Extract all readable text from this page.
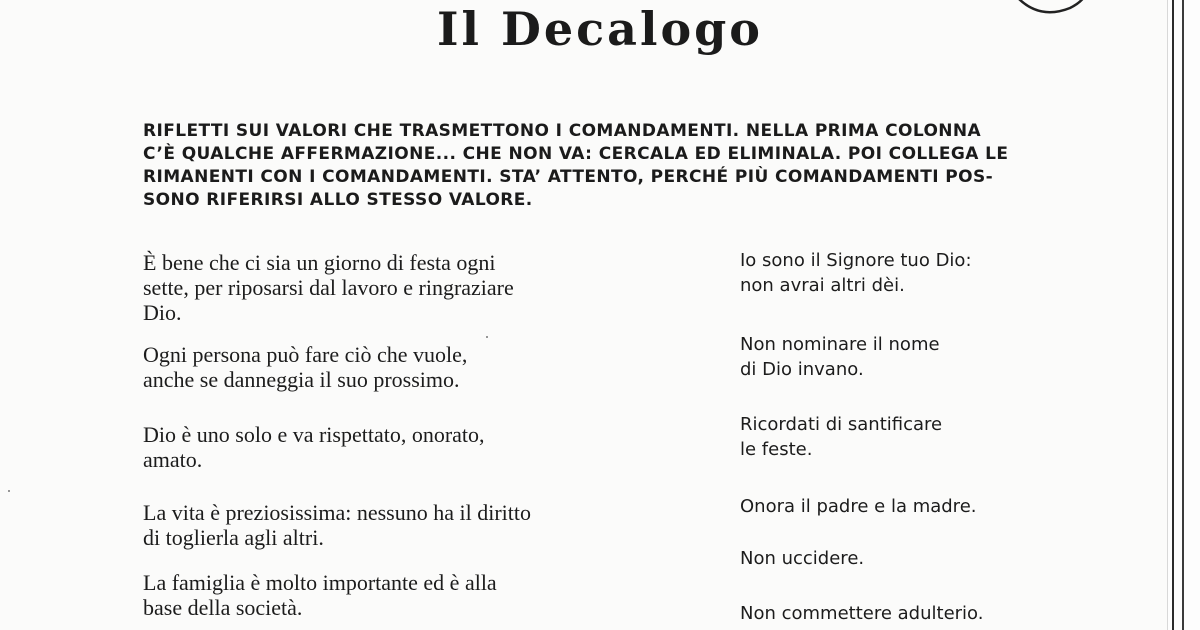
Il Decalogo
RIFLETTI SUI VALORI CHE TRASMETTONO I COMANDAMENTI. NELLA PRIMA COLONNA
C’È QUALCHE AFFERMAZIONE... CHE NON VA: CERCALA ED ELIMINALA. POI COLLEGA LE
RIMANENTI CON I COMANDAMENTI. STA’ ATTENTO, PERCHÉ PIÙ COMANDAMENTI POS-
SONO RIFERIRSI ALLO STESSO VALORE.
È bene che ci sia un giorno di festa ogni
sette, per riposarsi dal lavoro e ringraziare
Dio.
Ogni persona può fare ciò che vuole,
anche se danneggia il suo prossimo.
Dio è uno solo e va rispettato, onorato,
amato.
La vita è preziosissima: nessuno ha il diritto
di toglierla agli altri.
La famiglia è molto importante ed è alla
base della società.
Io sono il Signore tuo Dio:
non avrai altri dèi.
Non nominare il nome
di Dio invano.
Ricordati di santificare
le feste.
Onora il padre e la madre.
Non uccidere.
Non commettere adulterio.
